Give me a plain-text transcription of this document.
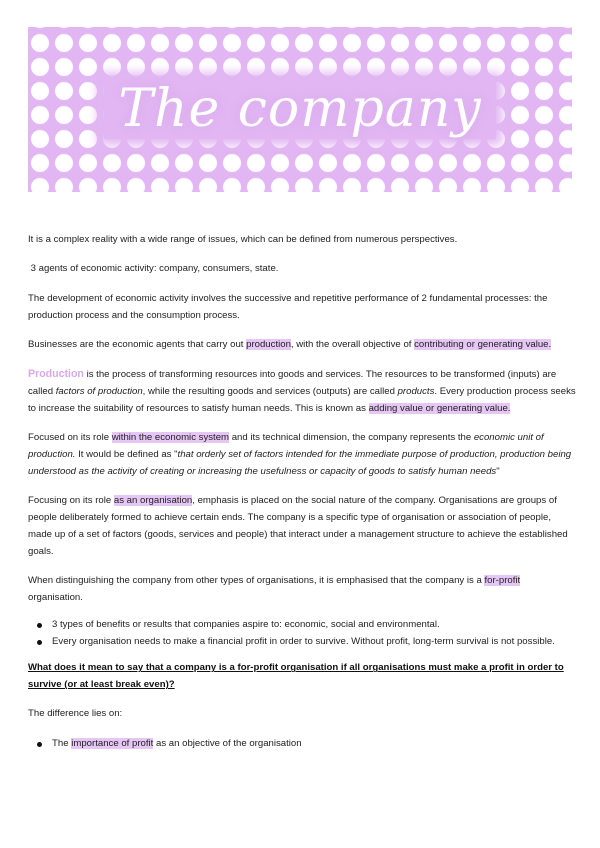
The company

It is a complex reality with a wide range of issues, which can be defined from numerous perspectives.

3 agents of economic activity: company, consumers, state.

The development of economic activity involves the successive and repetitive performance of 2 fundamental processes: the production process and the consumption process.

Businesses are the economic agents that carry out production, with the overall objective of contributing or generating value.

Production is the process of transforming resources into goods and services. The resources to be transformed (inputs) are called factors of production, while the resulting goods and services (outputs) are called products. Every production process seeks to increase the suitability of resources to satisfy human needs. This is known as adding value or generating value.

Focused on its role within the economic system and its technical dimension, the company represents the economic unit of production. It would be defined as "that orderly set of factors intended for the immediate purpose of production, production being understood as the activity of creating or increasing the usefulness or capacity of goods to satisfy human needs"

Focusing on its role as an organisation, emphasis is placed on the social nature of the company. Organisations are groups of people deliberately formed to achieve certain ends. The company is a specific type of organisation or association of people, made up of a set of factors (goods, services and people) that interact under a management structure to achieve the established goals.

When distinguishing the company from other types of organisations, it is emphasised that the company is a for-profit organisation.

3 types of benefits or results that companies aspire to: economic, social and environmental.
Every organisation needs to make a financial profit in order to survive. Without profit, long-term survival is not possible.

What does it mean to say that a company is a for-profit organisation if all organisations must make a profit in order to survive (or at least break even)?

The difference lies on:

The importance of profit as an objective of the organisation
